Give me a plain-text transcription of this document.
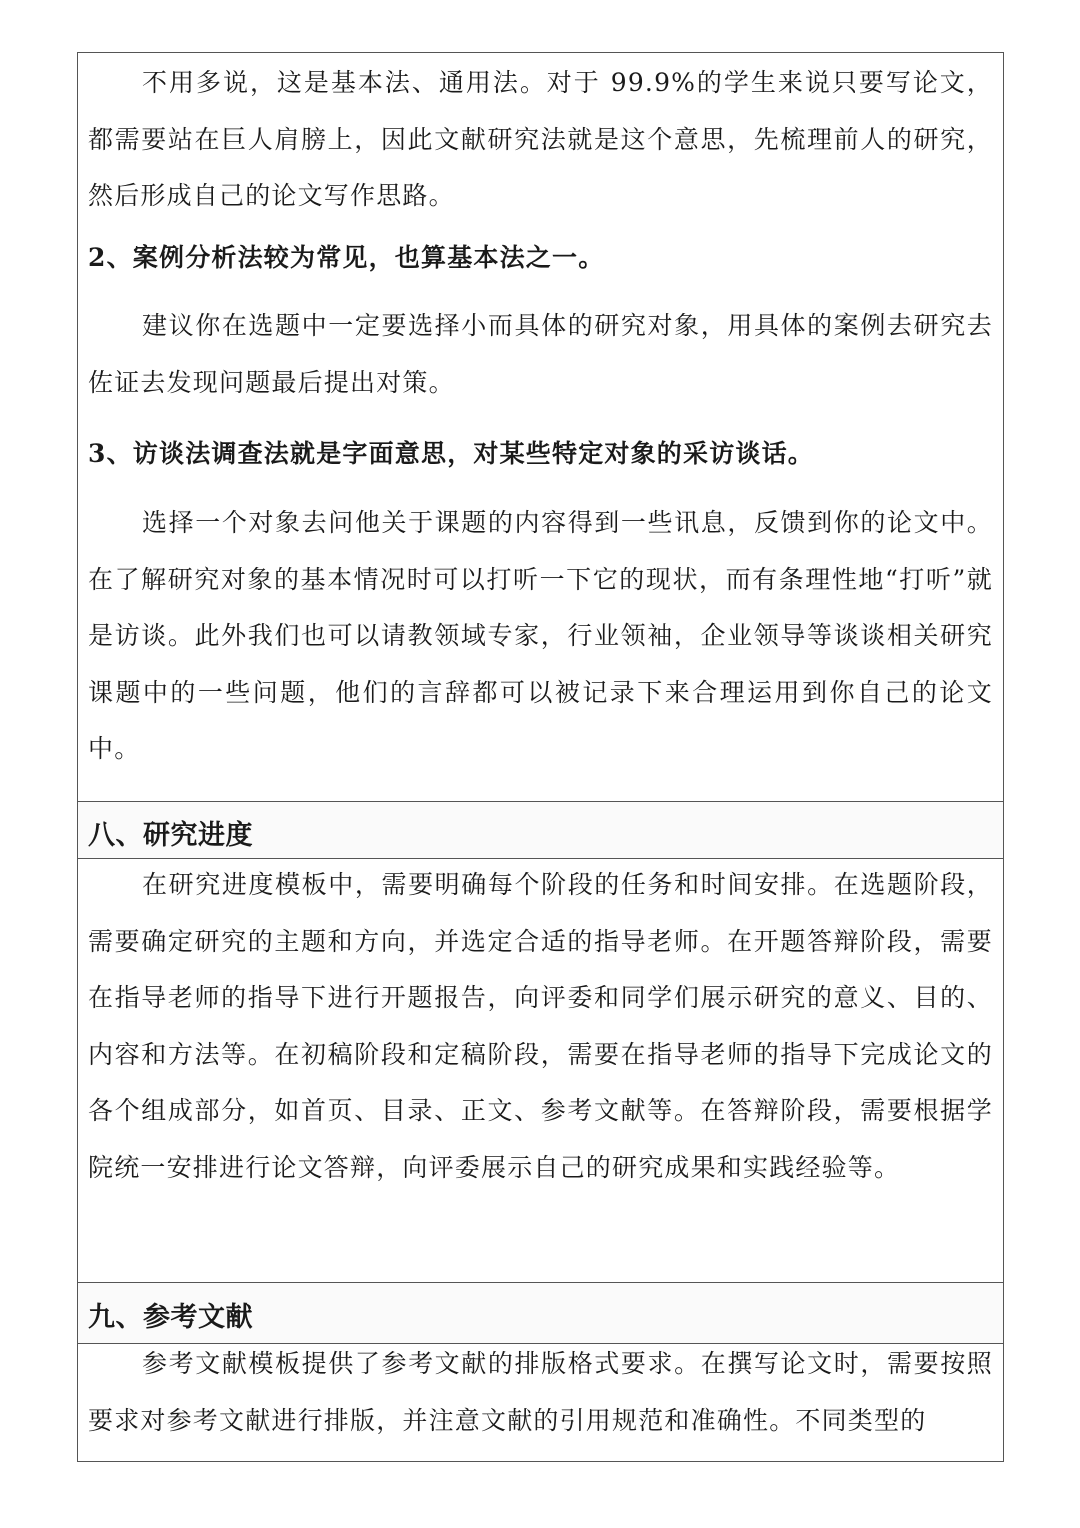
不用多说，这是基本法、通用法。对于 99.9%的学生来说只要写论文，都需要站在巨人肩膀上，因此文献研究法就是这个意思，先梳理前人的研究，然后形成自己的论文写作思路。

2、案例分析法较为常见，也算基本法之一。

建议你在选题中一定要选择小而具体的研究对象，用具体的案例去研究去佐证去发现问题最后提出对策。

3、访谈法调查法就是字面意思，对某些特定对象的采访谈话。

选择一个对象去问他关于课题的内容得到一些讯息，反馈到你的论文中。在了解研究对象的基本情况时可以打听一下它的现状，而有条理性地“打听”就是访谈。此外我们也可以请教领域专家，行业领袖，企业领导等谈谈相关研究课题中的一些问题，他们的言辞都可以被记录下来合理运用到你自己的论文中。

八、研究进度

在研究进度模板中，需要明确每个阶段的任务和时间安排。在选题阶段，需要确定研究的主题和方向，并选定合适的指导老师。在开题答辩阶段，需要在指导老师的指导下进行开题报告，向评委和同学们展示研究的意义、目的、内容和方法等。在初稿阶段和定稿阶段，需要在指导老师的指导下完成论文的各个组成部分，如首页、目录、正文、参考文献等。在答辩阶段，需要根据学院统一安排进行论文答辩，向评委展示自己的研究成果和实践经验等。

九、参考文献

参考文献模板提供了参考文献的排版格式要求。在撰写论文时，需要按照要求对参考文献进行排版，并注意文献的引用规范和准确性。不同类型的
